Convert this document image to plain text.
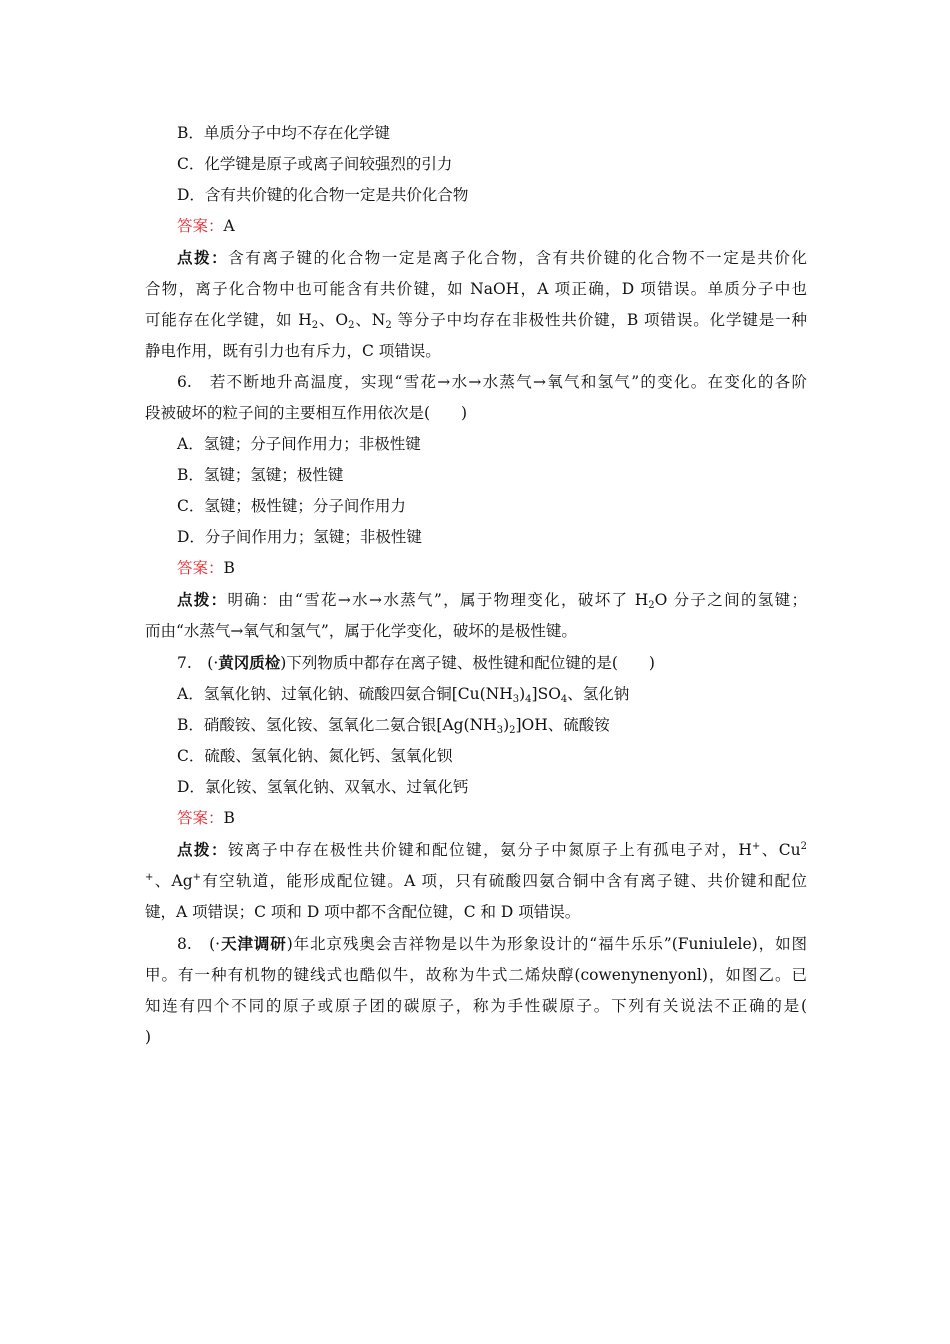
B．单质分子中均不存在化学键
C．化学键是原子或离子间较强烈的引力
D．含有共价键的化合物一定是共价化合物
答案：A
点拨：含有离子键的化合物一定是离子化合物，含有共价键的化合物不一定是共价化
合物，离子化合物中也可能含有共价键，如 NaOH，A 项正确，D 项错误。单质分子中也
可能存在化学键，如 $H_2$、$O_2$、$N_2$ 等分子中均存在非极性共价键，B 项错误。化学键是一种
静电作用，既有引力也有斥力，C 项错误。
6.　若不断地升高温度，实现“雪花→水→水蒸气→氧气和氢气”的变化。在变化的各阶
段被破坏的粒子间的主要相互作用依次是(　　)
A．氢键；分子间作用力；非极性键
B．氢键；氢键；极性键
C．氢键；极性键；分子间作用力
D．分子间作用力；氢键；非极性键
答案：B
点拨：明确：由“雪花→水→水蒸气”，属于物理变化，破坏了 $H_2O$ 分子之间的氢键；
而由“水蒸气→氧气和氢气”，属于化学变化，破坏的是极性键。
7.　(·黄冈质检)下列物质中都存在离子键、极性键和配位键的是(　　)
A．氢氧化钠、过氧化钠、硫酸四氨合铜$[Cu(NH_3)_4]SO_4$、氢化钠
B．硝酸铵、氢化铵、氢氧化二氨合银$[Ag(NH_3)_2]OH$、硫酸铵
C．硫酸、氢氧化钠、氮化钙、氢氧化钡
D．氯化铵、氢氧化钠、双氧水、过氧化钙
答案：B
点拨：铵离子中存在极性共价键和配位键，氨分子中氮原子上有孤电子对，H+、Cu$^2$
+、Ag+有空轨道，能形成配位键。A 项，只有硫酸四氨合铜中含有离子键、共价键和配位
键，A 项错误；C 项和 D 项中都不含配位键，C 和 D 项错误。
8.　(·天津调研)年北京残奥会吉祥物是以牛为形象设计的“福牛乐乐”(Funiulele)，如图
甲。有一种有机物的键线式也酷似牛，故称为牛式二烯炔醇(cowenynenyonl)，如图乙。已
知连有四个不同的原子或原子团的碳原子，称为手性碳原子。下列有关说法不正确的是(
)
